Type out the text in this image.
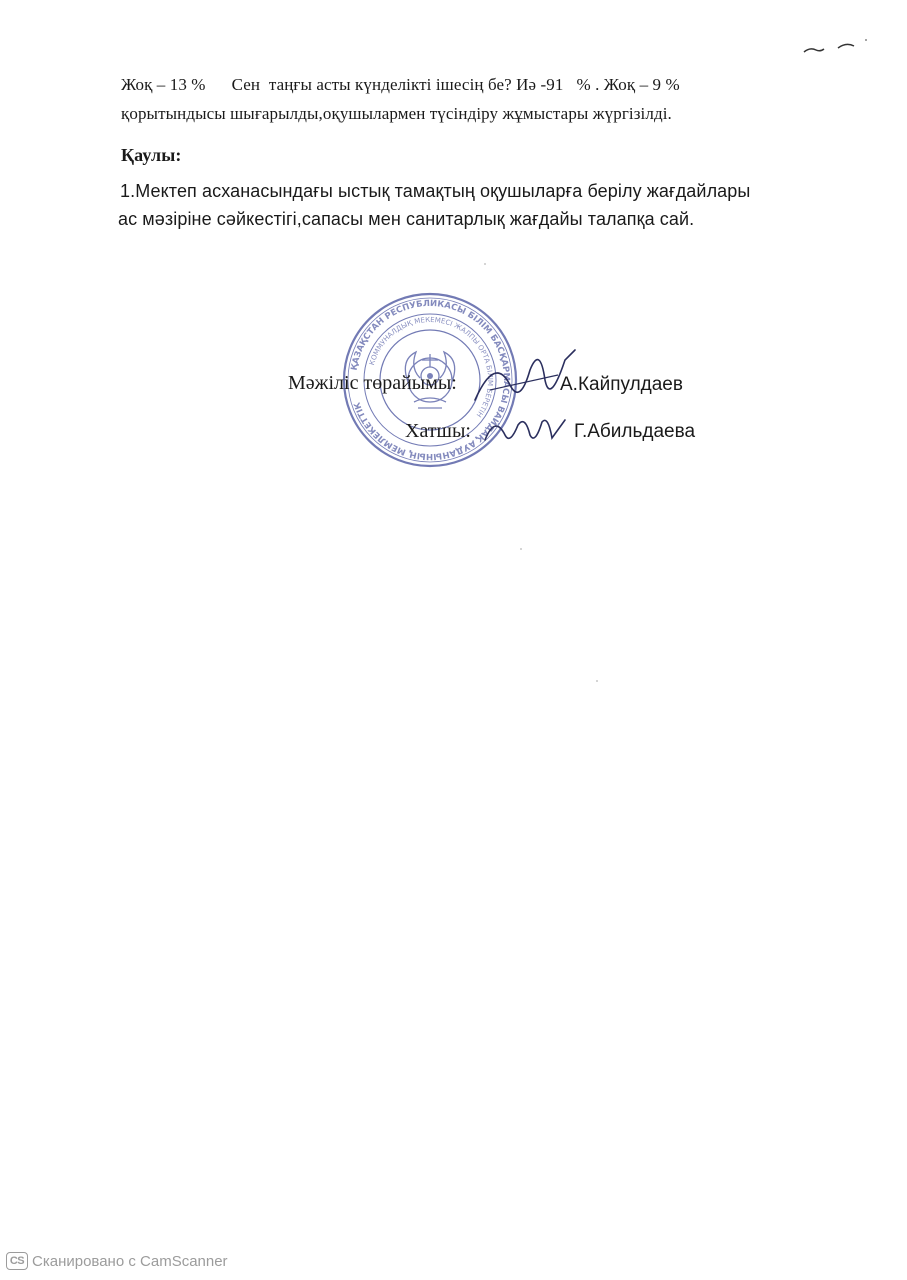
Жоқ – 13 %      Сен  таңғы асты күнделікті ішесің бе? Иә -91   % . Жоқ – 9 %
қорытындысы шығарылды,оқушылармен түсіндіру жұмыстары жүргізілді.
Қаулы:
1.Мектеп асханасындағы ыстық тамақтың оқушыларға берілу жағдайлары
ас мәзіріне сәйкестігі,сапасы мен санитарлық жағдайы талапқа сай.
ҚАЗАҚСТАН РЕСПУБЛИКАСЫ БІЛІМ БАСҚАРМАСЫ ВАЙДАҚ АУДАНЫНЫҢ МЕМЛЕКЕТТІК
КОММУНАЛДЫҚ МЕКЕМЕСІ ЖАЛПЫ ОРТА БІЛІМ БЕРЕТІН
Мәжіліс төрайымы:	А.Кайпулдаев
Хатшы:	Г.Абильдаева
CS Сканировано с CamScanner
